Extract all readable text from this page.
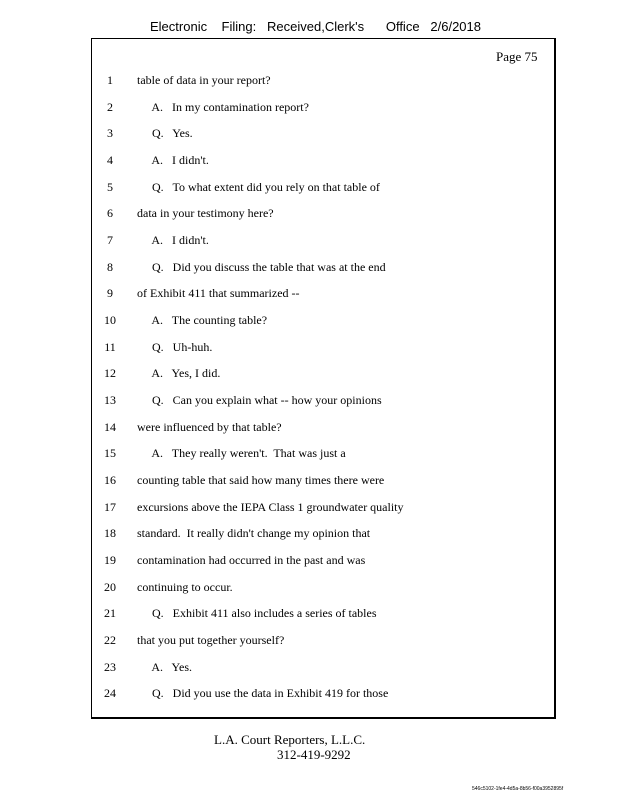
Electronic    Filing:   Received,Clerk's      Office   2/6/2018
Page 75
1	table of data in your report?
2	A.   In my contamination report?
3	Q.   Yes.
4	A.   I didn't.
5	Q.   To what extent did you rely on that table of
6	data in your testimony here?
7	A.   I didn't.
8	Q.   Did you discuss the table that was at the end
9	of Exhibit 411 that summarized --
10	A.   The counting table?
11	Q.   Uh-huh.
12	A.   Yes, I did.
13	Q.   Can you explain what -- how your opinions
14	were influenced by that table?
15	A.   They really weren't.  That was just a
16	counting table that said how many times there were
17	excursions above the IEPA Class 1 groundwater quality
18	standard.  It really didn't change my opinion that
19	contamination had occurred in the past and was
20	continuing to occur.
21	Q.   Exhibit 411 also includes a series of tables
22	that you put together yourself?
23	A.   Yes.
24	Q.   Did you use the data in Exhibit 419 for those
L.A. Court Reporters, L.L.C.
312-419-9292
546c5102-1fe4-4d5a-8b56-f00a3952895f
